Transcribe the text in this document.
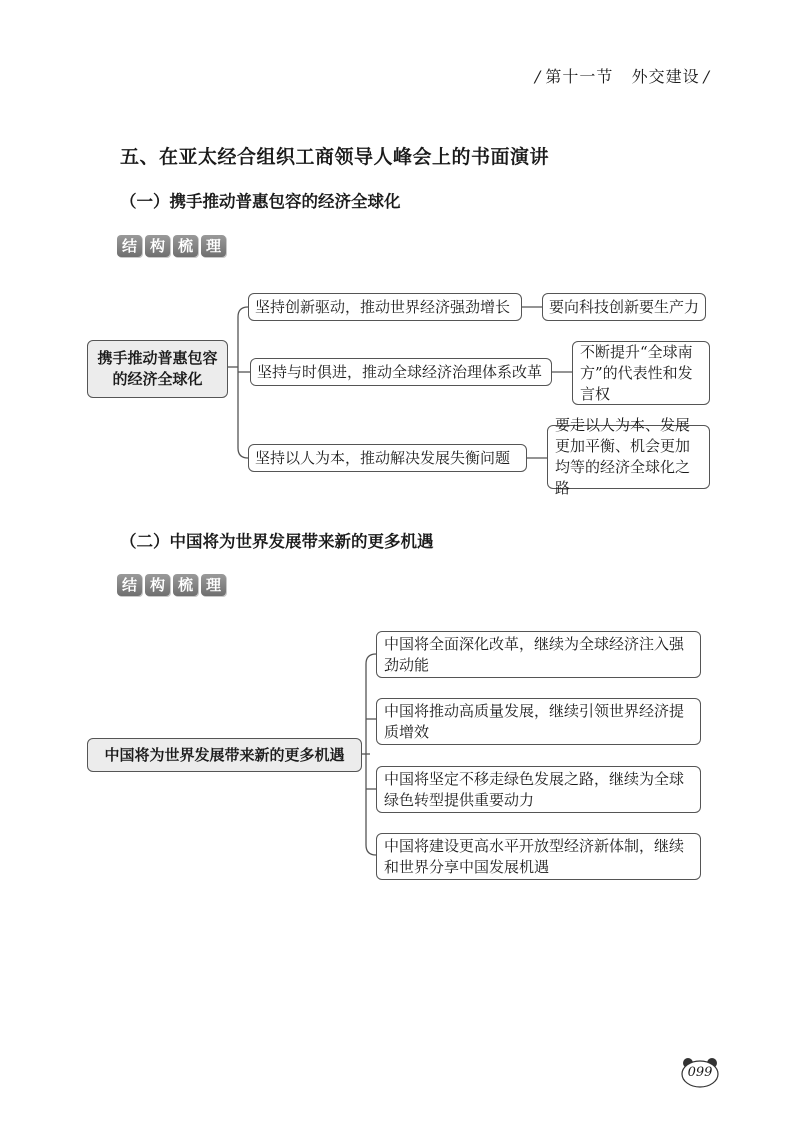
/ 第十一节 外交建设 /
五、在亚太经合组织工商领导人峰会上的书面演讲
（一）携手推动普惠包容的经济全球化
结 构 梳 理
携手推动普惠包容的经济全球化
坚持创新驱动，推动世界经济强劲增长	要向科技创新要生产力
坚持与时俱进，推动全球经济治理体系改革
不断提升“全球南方”的代表性和发言权
坚持以人为本，推动解决发展失衡问题
要走以人为本、发展更加平衡、机会更加均等的经济全球化之路
（二）中国将为世界发展带来新的更多机遇
结 构 梳 理
中国将为世界发展带来新的更多机遇
中国将全面深化改革，继续为全球经济注入强劲动能
中国将推动高质量发展，继续引领世界经济提质增效
中国将坚定不移走绿色发展之路，继续为全球绿色转型提供重要动力
中国将建设更高水平开放型经济新体制，继续和世界分享中国发展机遇
099
